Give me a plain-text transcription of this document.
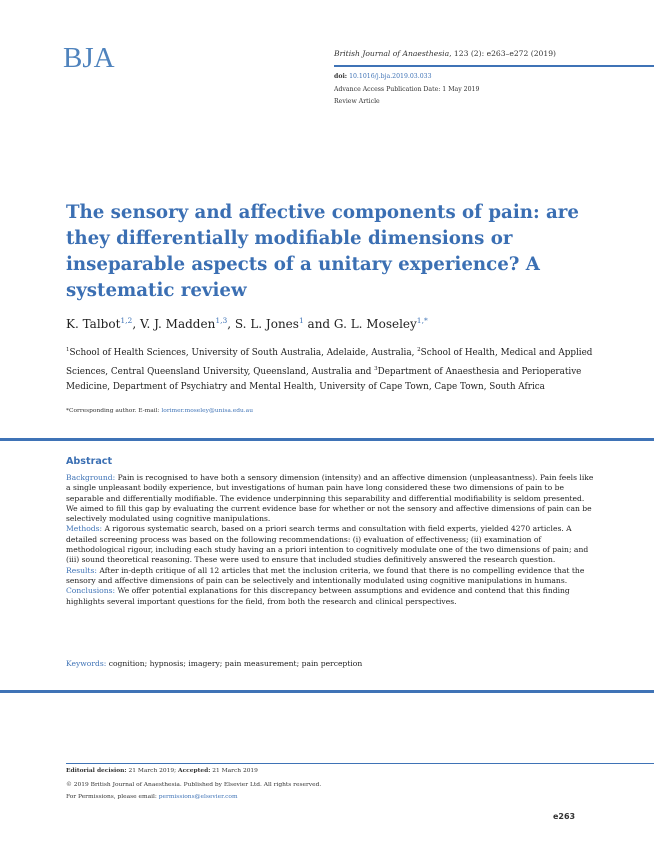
BJA	British Journal of Anaesthesia, 123 (2): e263–e272 (2019)
doi: 10.1016/j.bja.2019.03.033
Advance Access Publication Date: 1 May 2019
Review Article
The sensory and affective components of pain: are they differentially modifiable dimensions or inseparable aspects of a unitary experience? A systematic review
K. Talbot$^{1,2}$, V. J. Madden$^{1,3}$, S. L. Jones$^1$ and G. L. Moseley$^{1,*}$
$^1$School of Health Sciences, University of South Australia, Adelaide, Australia, $^2$School of Health, Medical and Applied Sciences, Central Queensland University, Queensland, Australia and $^3$Department of Anaesthesia and Perioperative Medicine, Department of Psychiatry and Mental Health, University of Cape Town, Cape Town, South Africa
*Corresponding author. E-mail: lorimer.moseley@unisa.edu.au
Abstract

Background: Pain is recognised to have both a sensory dimension (intensity) and an affective dimension (unpleasantness). Pain feels like a single unpleasant bodily experience, but investigations of human pain have long considered these two dimensions of pain to be separable and differentially modifiable. The evidence underpinning this separability and differential modifiability is seldom presented. We aimed to fill this gap by evaluating the current evidence base for whether or not the sensory and affective dimensions of pain can be selectively modulated using cognitive manipulations.

Methods: A rigorous systematic search, based on a priori search terms and consultation with field experts, yielded 4270 articles. A detailed screening process was based on the following recommendations: (i) evaluation of effectiveness; (ii) examination of methodological rigour, including each study having an a priori intention to cognitively modulate one of the two dimensions of pain; and (iii) sound theoretical reasoning. These were used to ensure that included studies definitively answered the research question.

Results: After in-depth critique of all 12 articles that met the inclusion criteria, we found that there is no compelling evidence that the sensory and affective dimensions of pain can be selectively and intentionally modulated using cognitive manipulations in humans.

Conclusions: We offer potential explanations for this discrepancy between assumptions and evidence and contend that this finding highlights several important questions for the field, from both the research and clinical perspectives.

Keywords: cognition; hypnosis; imagery; pain measurement; pain perception
Editorial decision: 21 March 2019; Accepted: 21 March 2019
© 2019 British Journal of Anaesthesia. Published by Elsevier Ltd. All rights reserved.
For Permissions, please email: permissions@elsevier.com
e263
